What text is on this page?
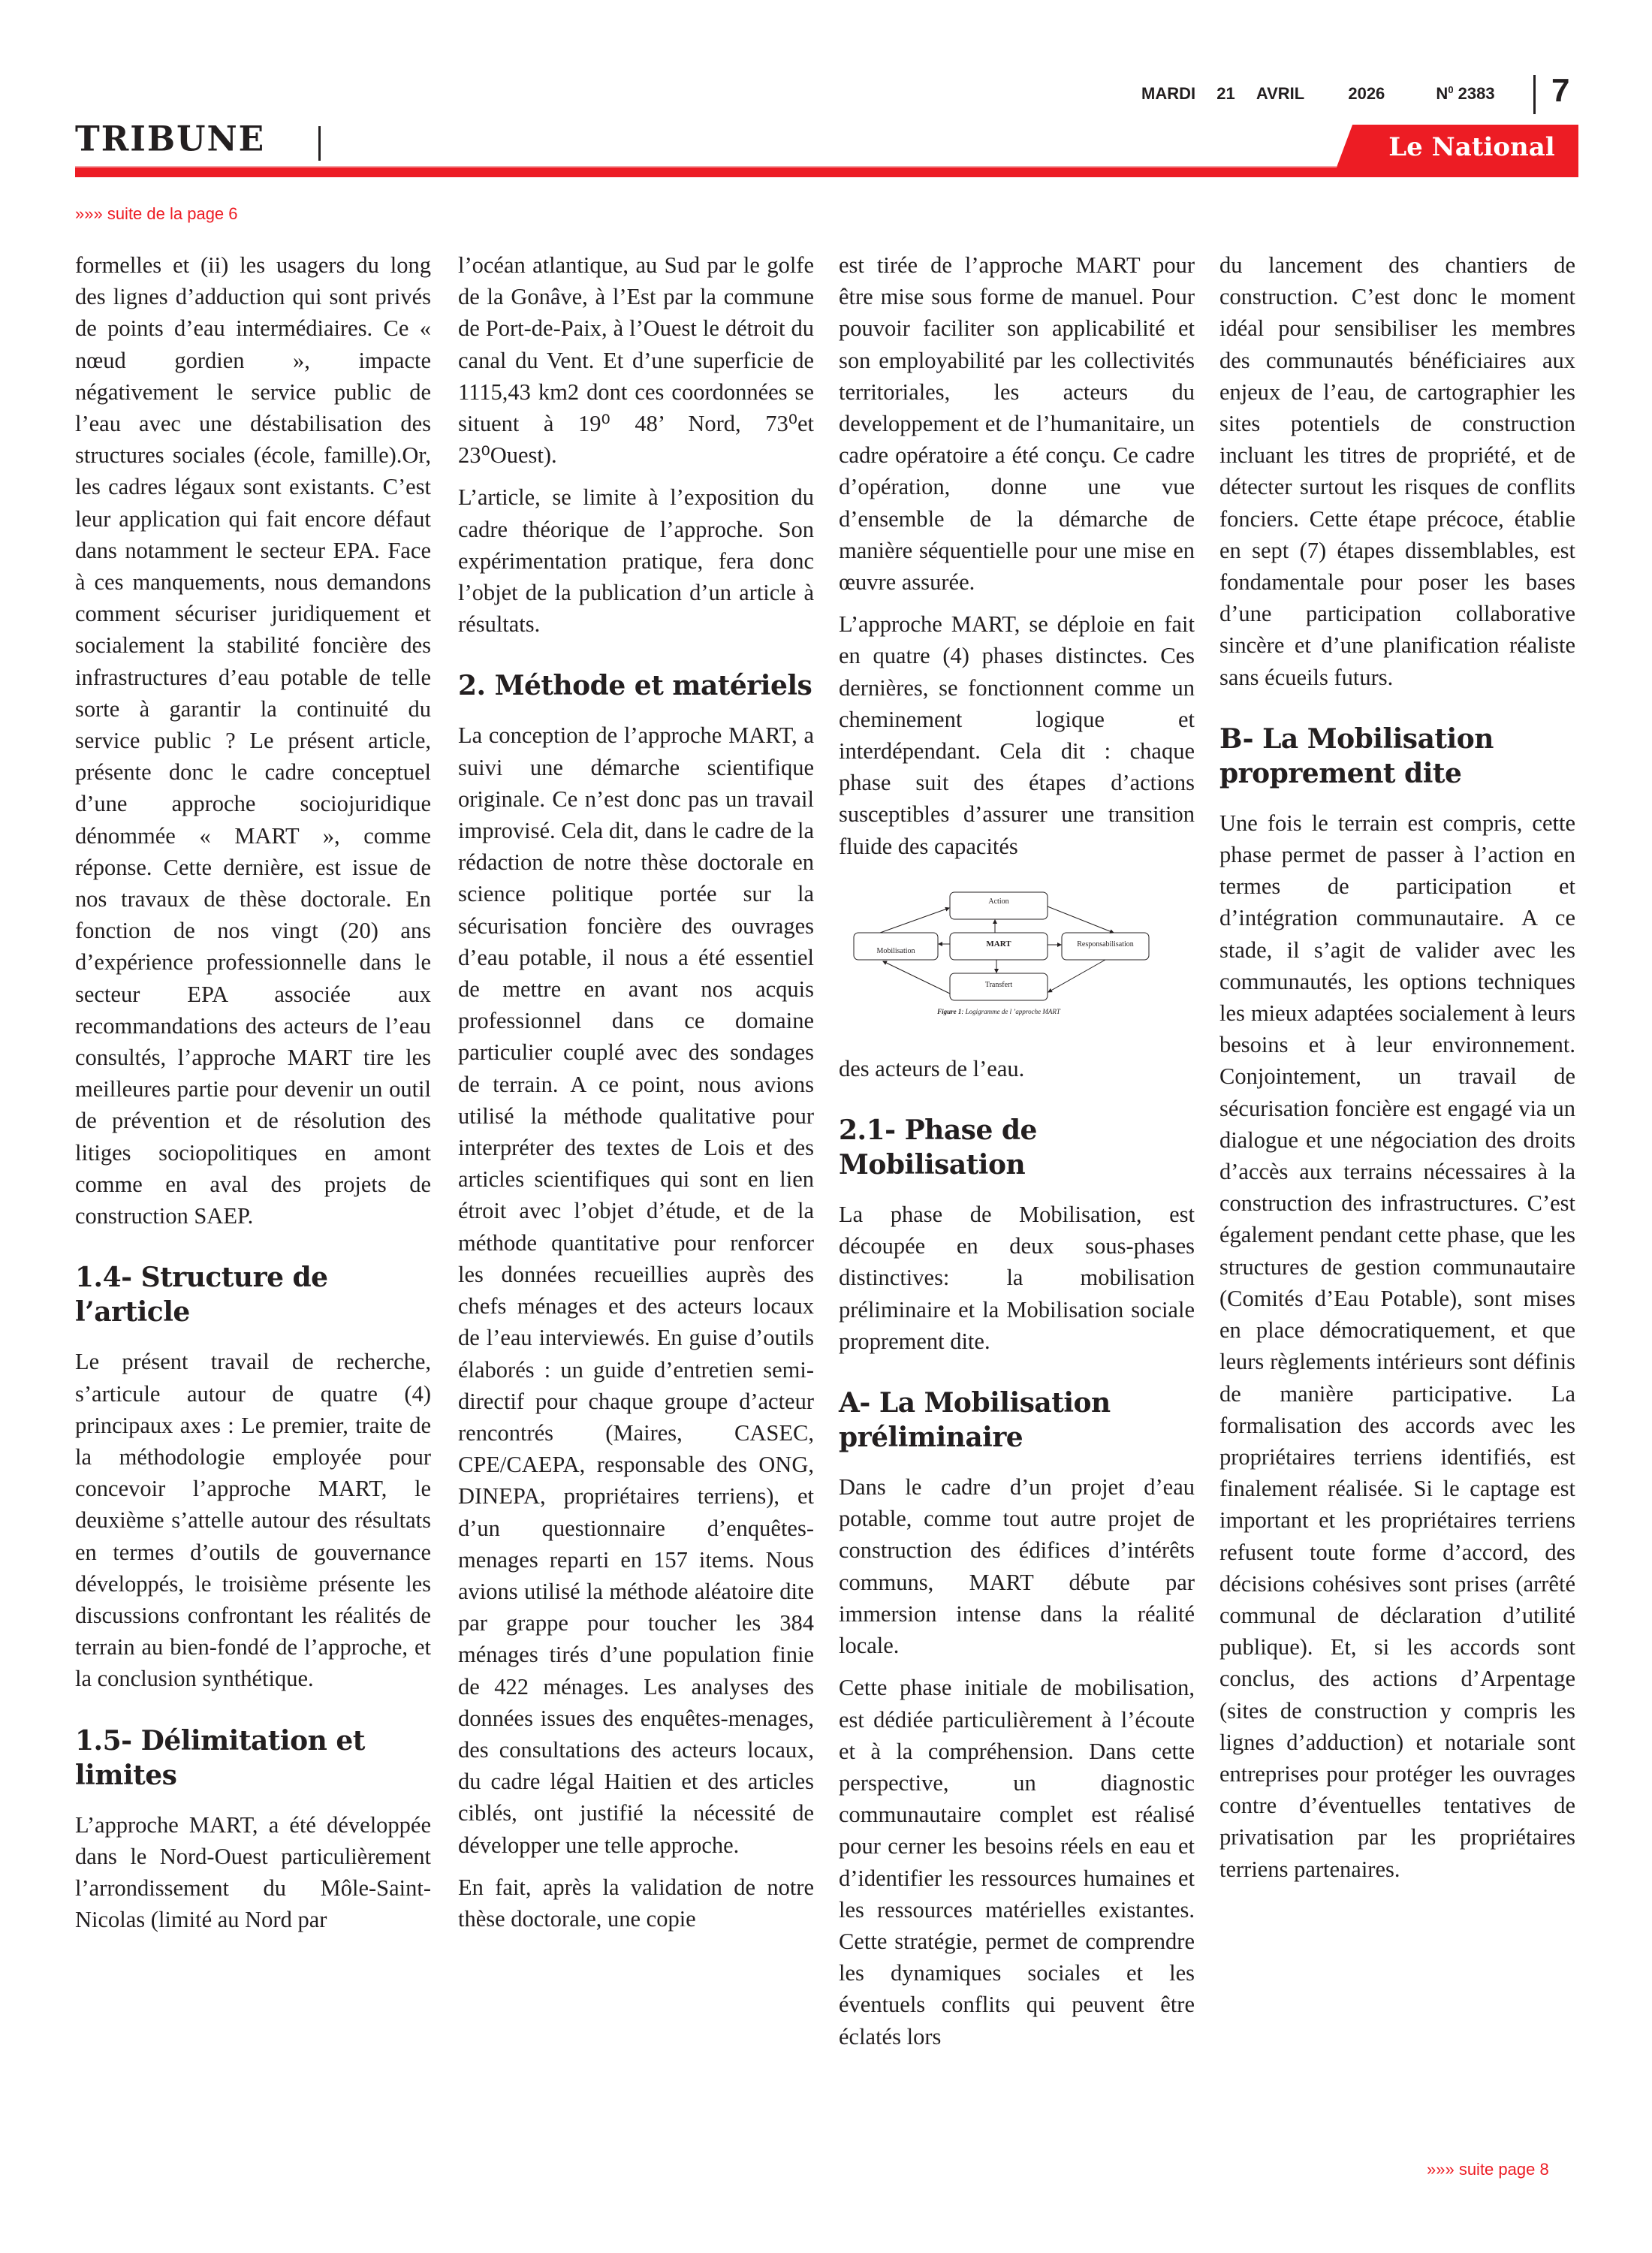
MARDI 21 AVRIL	2026	$N^0$ 2383 7
TRIBUNE	Le National
»»» suite de la page 6

formelles et (ii) les usagers du long des lignes d’adduction qui sont privés de points d’eau intermédiaires. Ce « nœud gordien », impacte négativement le service public de l’eau avec une déstabilisation des structures sociales (école, famille).Or, les cadres légaux sont existants. C’est leur application qui fait encore défaut dans notamment le secteur EPA. Face à ces manquements, nous demandons comment sécuriser juridiquement et socialement la stabilité foncière des infrastructures d’eau potable de telle sorte à garantir la continuité du service public ? Le présent article, présente donc le cadre conceptuel d’une approche sociojuridique dénommée « MART », comme réponse. Cette dernière, est issue de nos travaux de thèse doctorale. En fonction de nos vingt (20) ans d’expérience professionnelle dans le secteur EPA associée aux recommandations des acteurs de l’eau consultés, l’approche MART tire les meilleures partie pour devenir un outil de prévention et de résolution des litiges sociopolitiques en amont comme en aval des projets de construction SAEP.

1.4- Structure de l’article

Le présent travail de recherche, s’articule autour de quatre (4) principaux axes : Le premier, traite de la méthodologie employée pour concevoir l’approche MART, le deuxième s’attelle autour des résultats en termes d’outils de gouvernance développés, le troisième présente les discussions confrontant les réalités de terrain au bien-fondé de l’approche, et la conclusion synthétique.

1.5- Délimitation et limites

L’approche MART, a été développée dans le Nord-Ouest particulièrement l’arrondissement du Môle-Saint-Nicolas (limité au Nord par

l’océan atlantique, au Sud par le golfe de la Gonâve, à l’Est par la commune de Port-de-Paix, à l’Ouest le détroit du canal du Vent. Et d’une superficie de 1115,43 km2 dont ces coordonnées se situent à 19⁰ 48’ Nord, 73⁰et 23⁰Ouest).

L’article, se limite à l’exposition du cadre théorique de l’approche. Son expérimentation pratique, fera donc l’objet de la publication d’un article à résultats.

2. Méthode et matériels

La conception de l’approche MART, a suivi une démarche scientifique originale. Ce n’est donc pas un travail improvisé. Cela dit, dans le cadre de la rédaction de notre thèse doctorale en science politique portée sur la sécurisation foncière des ouvrages d’eau potable, il nous a été essentiel de mettre en avant nos acquis professionnel dans ce domaine particulier couplé avec des sondages de terrain. A ce point, nous avions utilisé la méthode qualitative pour interpréter des textes de Lois et des articles scientifiques qui sont en lien étroit avec l’objet d’étude, et de la méthode quantitative pour renforcer les données recueillies auprès des chefs ménages et des acteurs locaux de l’eau interviewés. En guise d’outils élaborés : un guide d’entretien semi-directif pour chaque groupe d’acteur rencontrés (Maires, CASEC, CPE/CAEPA, responsable des ONG, DINEPA, propriétaires terriens), et d’un questionnaire d’enquêtes-menages reparti en 157 items. Nous avions utilisé la méthode aléatoire dite par grappe pour toucher les 384 ménages tirés d’une population finie de 422 ménages. Les analyses des données issues des enquêtes-menages, des consultations des acteurs locaux, du cadre légal Haitien et des articles ciblés, ont justifié la nécessité de développer une telle approche.

En fait, après la validation de notre thèse doctorale, une copie

est tirée de l’approche MART pour être mise sous forme de manuel. Pour pouvoir faciliter son applicabilité et son employabilité par les collectivités territoriales, les acteurs du developpement et de l’humanitaire, un cadre opératoire a été conçu. Ce cadre d’opération, donne une vue d’ensemble de la démarche de manière séquentielle pour une mise en œuvre assurée.

L’approche MART, se déploie en fait en quatre (4) phases distinctes. Ces dernières, se fonctionnent comme un cheminement logique et interdépendant. Cela dit : chaque phase suit des étapes d’actions susceptibles d’assurer une transition fluide des capacités

Action
MART
Mobilisation
Responsabilisation
Transfert
Figure 1: Logigramme de l ’approche MART

des acteurs de l’eau.

2.1- Phase de Mobilisation

La phase de Mobilisation, est découpée en deux sous-phases distinctives: la mobilisation préliminaire et la Mobilisation sociale proprement dite.

A- La Mobilisation préliminaire

Dans le cadre d’un projet d’eau potable, comme tout autre projet de construction des édifices d’intérêts communs, MART débute par immersion intense dans la réalité locale.

Cette phase initiale de mobilisation, est dédiée particulièrement à l’écoute et à la compréhension. Dans cette perspective, un diagnostic communautaire complet est réalisé pour cerner les besoins réels en eau et d’identifier les ressources humaines et les ressources matérielles existantes. Cette stratégie, permet de comprendre les dynamiques sociales et les éventuels conflits qui peuvent être éclatés lors

du lancement des chantiers de construction. C’est donc le moment idéal pour sensibiliser les membres des communautés bénéficiaires aux enjeux de l’eau, de cartographier les sites potentiels de construction incluant les titres de propriété, et de détecter surtout les risques de conflits fonciers. Cette étape précoce, établie en sept (7) étapes dissemblables, est fondamentale pour poser les bases d’une participation collaborative sincère et d’une planification réaliste sans écueils futurs.

B- La Mobilisation proprement dite

Une fois le terrain est compris, cette phase permet de passer à l’action en termes de participation et d’intégration communautaire. A ce stade, il s’agit de valider avec les communautés, les options techniques les mieux adaptées socialement à leurs besoins et à leur environnement. Conjointement, un travail de sécurisation foncière est engagé via un dialogue et une négociation des droits d’accès aux terrains nécessaires à la construction des infrastructures. C’est également pendant cette phase, que les structures de gestion communautaire (Comités d’Eau Potable), sont mises en place démocratiquement, et que leurs règlements intérieurs sont définis de manière participative. La formalisation des accords avec les propriétaires terriens identifiés, est finalement réalisée. Si le captage est important et les propriétaires terriens refusent toute forme d’accord, des décisions cohésives sont prises (arrêté communal de déclaration d’utilité publique). Et, si les accords sont conclus, des actions d’Arpentage (sites de construction y compris les lignes d’adduction) et notariale sont entreprises pour protéger les ouvrages contre d’éventuelles tentatives de privatisation par les propriétaires terriens partenaires.

»»» suite page 8
